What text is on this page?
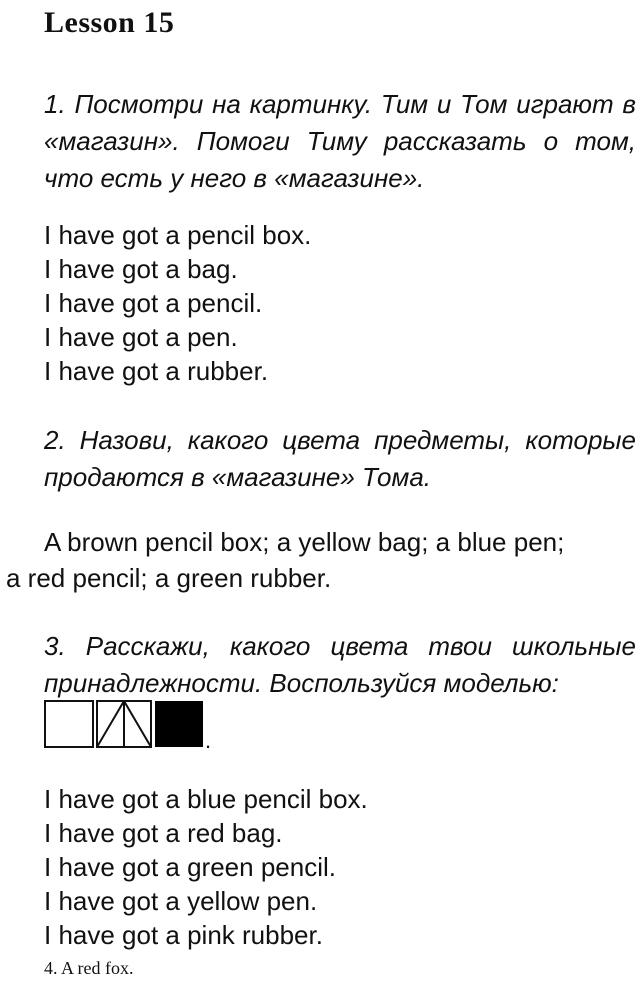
Lesson 15

1. Посмотри на картинку. Тим и Том играют в «магазин». Помоги Тиму рассказать о том, что есть у него в «магазине».

I have got a pencil box.
I have got a bag.
I have got a pencil.
I have got a pen.
I have got a rubber.

2. Назови, какого цвета предметы, которые продаются в «магазине» Тома.

A brown pencil box; a yellow bag; a blue pen;
a red pencil; a green rubber.

3. Расскажи, какого цвета твои школьные принадлежности. Воспользуйся моделью:

.
I have got a blue pencil box.
I have got a red bag.
I have got a green pencil.
I have got a yellow pen.
I have got a pink rubber.
4. A red fox.
